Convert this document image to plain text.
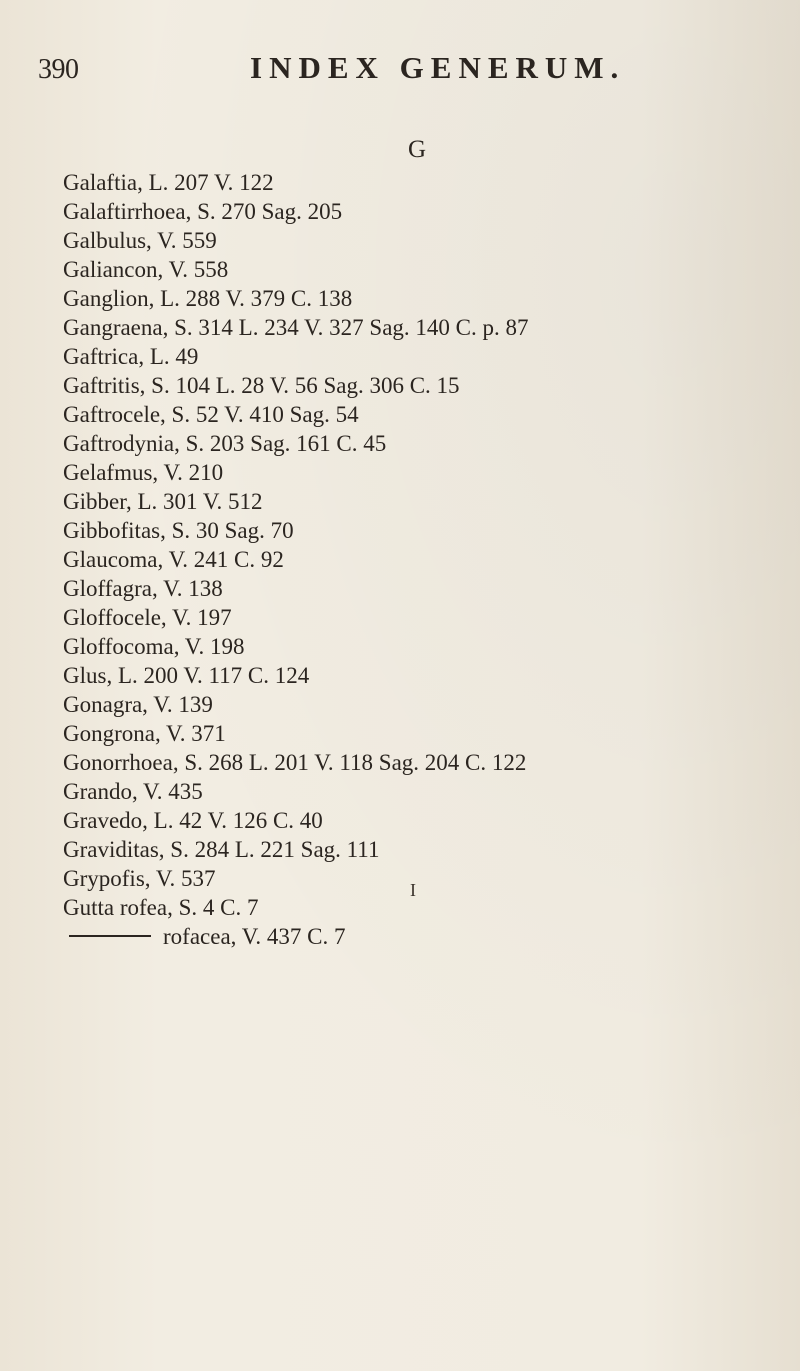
390	INDEX GENERUM.
G
Galaftia, L. 207 V. 122
Galaftirrhoea, S. 270 Sag. 205
Galbulus, V. 559
Galiancon, V. 558
Ganglion, L. 288 V. 379 C. 138
Gangraena, S. 314 L. 234 V. 327 Sag. 140 C. p. 87
Gaftrica, L. 49
Gaftritis, S. 104 L. 28 V. 56 Sag. 306 C. 15
Gaftrocele, S. 52 V. 410 Sag. 54
Gaftrodynia, S. 203 Sag. 161 C. 45
Gelafmus, V. 210
Gibber, L. 301 V. 512
Gibbofitas, S. 30 Sag. 70
Glaucoma, V. 241 C. 92
Gloffagra, V. 138
Gloffocele, V. 197
Gloffocoma, V. 198
Glus, L. 200 V. 117 C. 124
Gonagra, V. 139
Gongrona, V. 371
Gonorrhoea, S. 268 L. 201 V. 118 Sag. 204 C. 122
Grando, V. 435
Gravedo, L. 42 V. 126 C. 40
Graviditas, S. 284 L. 221 Sag. 111
Grypofis, V. 537
Gutta rofea, S. 4 C. 7
rofacea, V. 437 C. 7
I
